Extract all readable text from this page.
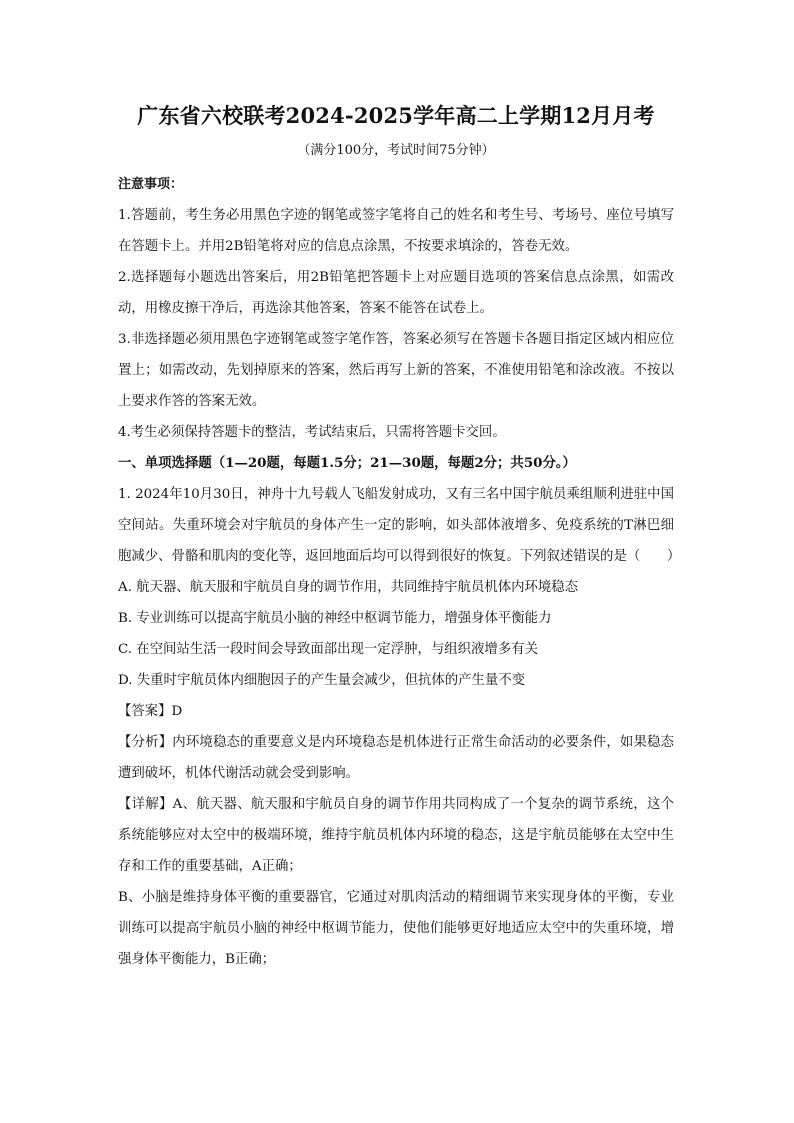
广东省六校联考2024-2025学年高二上学期12月月考
（满分100分，考试时间75分钟）
注意事项：

1.答题前，考生务必用黑色字迹的钢笔或签字笔将自己的姓名和考生号、考场号、座位号填写在答题卡上。并用2B铅笔将对应的信息点涂黑，不按要求填涂的，答卷无效。

2.选择题每小题选出答案后，用2B铅笔把答题卡上对应题目选项的答案信息点涂黑，如需改动，用橡皮擦干净后，再选涂其他答案，答案不能答在试卷上。

3.非选择题必须用黑色字迹钢笔或签字笔作答，答案必须写在答题卡各题目指定区域内相应位置上；如需改动，先划掉原来的答案，然后再写上新的答案，不准使用铅笔和涂改液。不按以上要求作答的答案无效。

4.考生必须保持答题卡的整洁，考试结束后，只需将答题卡交回。

一、单项选择题（1—20题，每题1.5分；21—30题，每题2分；共50分。）

1. 2024年10月30日，神舟十九号载人飞船发射成功，又有三名中国宇航员乘组顺利进驻中国空间站。失重环境会对宇航员的身体产生一定的影响，如头部体液增多、免疫系统的T淋巴细胞减少、骨骼和肌肉的变化等，返回地面后均可以得到很好的恢复。下列叙述错误的是（　　）

A. 航天器、航天服和宇航员自身的调节作用，共同维持宇航员机体内环境稳态
B. 专业训练可以提高宇航员小脑的神经中枢调节能力，增强身体平衡能力
C. 在空间站生活一段时间会导致面部出现一定浮肿，与组织液增多有关
D. 失重时宇航员体内细胞因子的产生量会减少，但抗体的产生量不变
【答案】D

【分析】内环境稳态的重要意义是内环境稳态是机体进行正常生命活动的必要条件，如果稳态遭到破坏，机体代谢活动就会受到影响。

【详解】A、航天器、航天服和宇航员自身的调节作用共同构成了一个复杂的调节系统，这个系统能够应对太空中的极端环境，维持宇航员机体内环境的稳态，这是宇航员能够在太空中生存和工作的重要基础，A正确；

B、小脑是维持身体平衡的重要器官，它通过对肌肉活动的精细调节来实现身体的平衡，专业训练可以提高宇航员小脑的神经中枢调节能力，使他们能够更好地适应太空中的失重环境，增强身体平衡能力，B正确；
